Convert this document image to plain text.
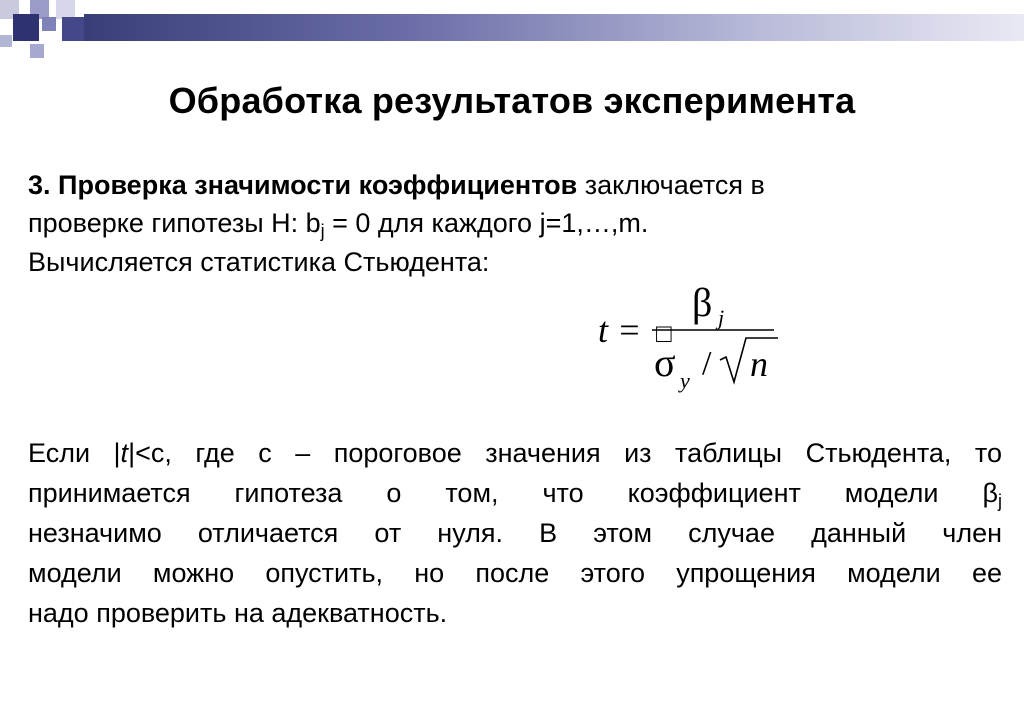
Обработка результатов эксперимента
3. Проверка значимости коэффициентов заключается в
проверке гипотезы H: $b_j = 0$ для каждого j=1,…,m.
Вычисляется статистика Стьюдента:
t = □
β j
σ y / n
Если |t|<c, где c – пороговое значения из таблицы Стьюдента, то
принимается гипотеза о том, что коэффициент модели $\beta_j$
незначимо отличается от нуля. В этом случае данный член
модели можно опустить, но после этого упрощения модели ее
надо проверить на адекватность.
